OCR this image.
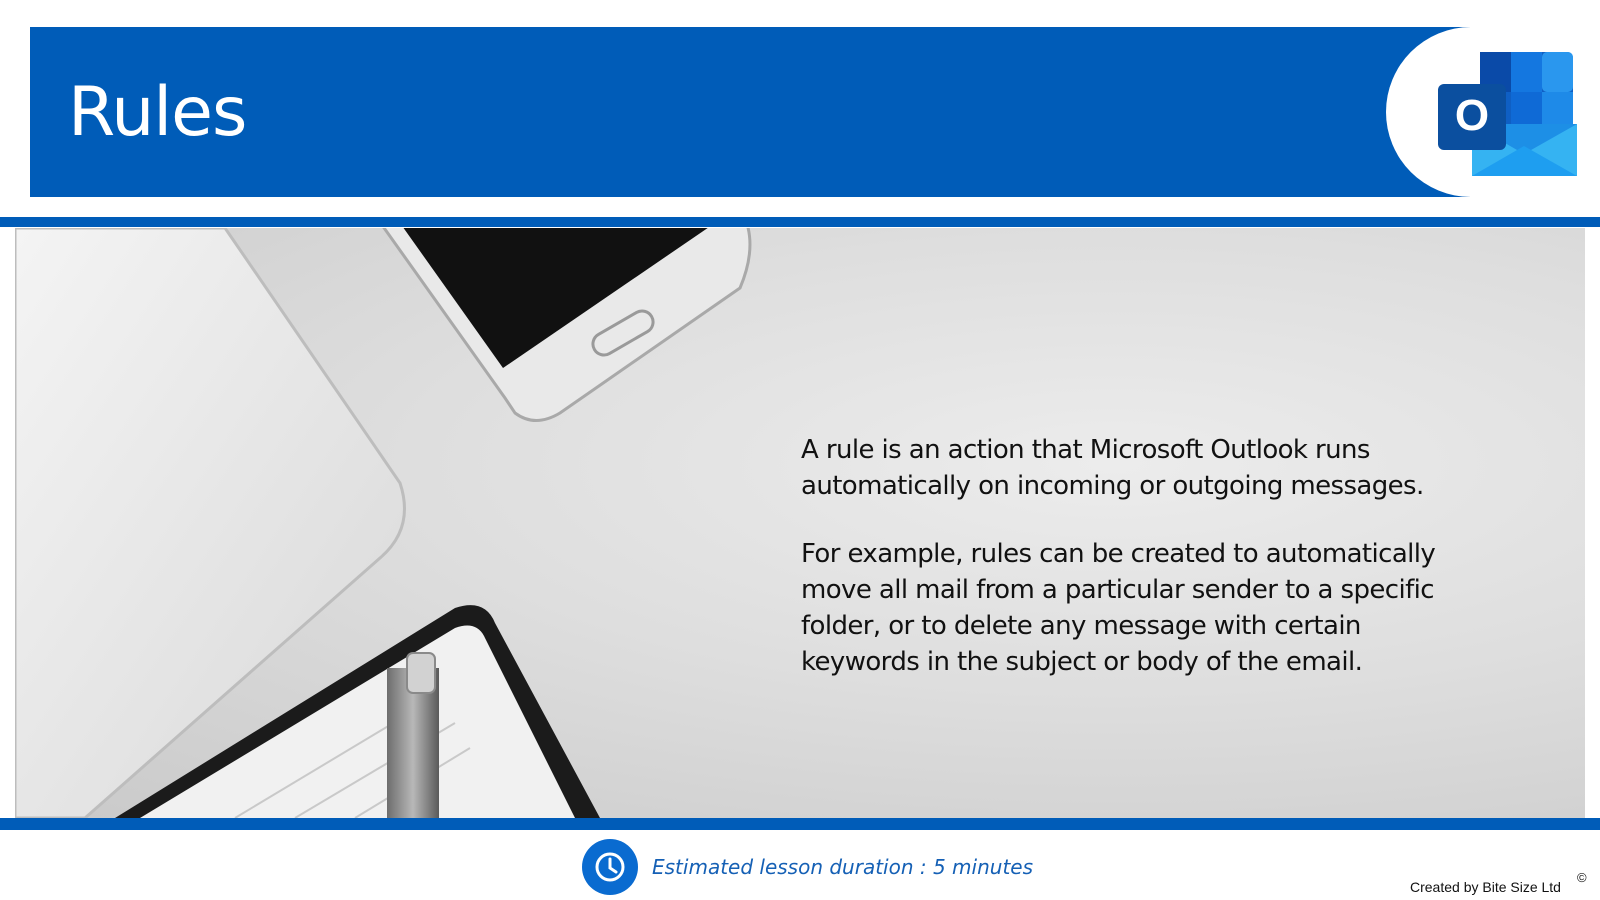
Rules	O

A rule is an action that Microsoft Outlook runs automatically on incoming or outgoing messages.

For example, rules can be created to automatically move all mail from a particular sender to a specific folder, or to delete any message with certain keywords in the subject or body of the email.

Estimated lesson duration : 5 minutes
Created by Bite Size Ltd
©
